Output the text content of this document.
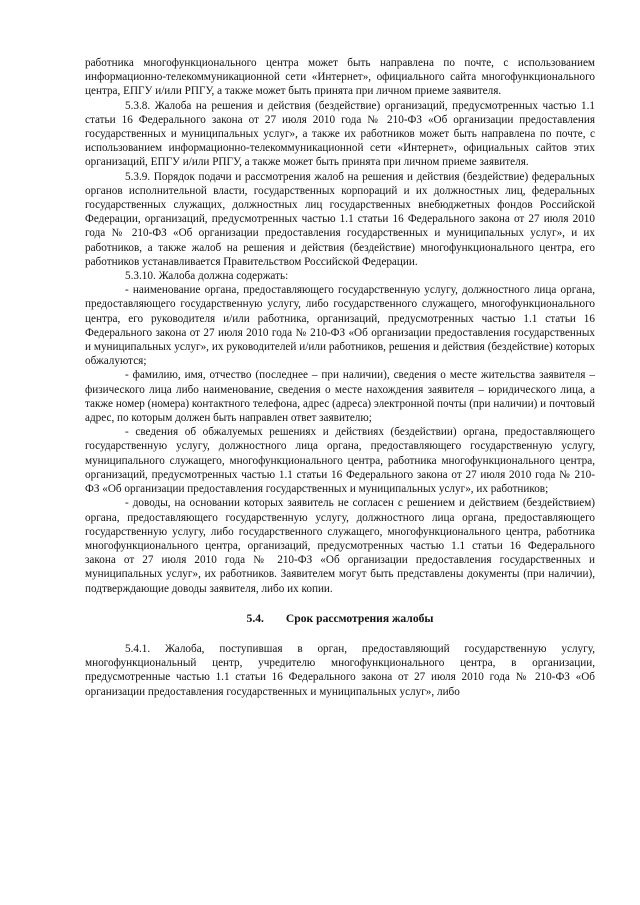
работника многофункционального центра может быть направлена по почте, с использованием информационно-телекоммуникационной сети «Интернет», официального сайта многофункционального центра, ЕПГУ и/или РПГУ, а также может быть принята при личном приеме заявителя.

5.3.8. Жалоба на решения и действия (бездействие) организаций, предусмотренных частью 1.1 статьи 16 Федерального закона от 27 июля 2010 года № 210-ФЗ «Об организации предоставления государственных и муниципальных услуг», а также их работников может быть направлена по почте, с использованием информационно-телекоммуникационной сети «Интернет», официальных сайтов этих организаций, ЕПГУ и/или РПГУ, а также может быть принята при личном приеме заявителя.

5.3.9. Порядок подачи и рассмотрения жалоб на решения и действия (бездействие) федеральных органов исполнительной власти, государственных корпораций и их должностных лиц, федеральных государственных служащих, должностных лиц государственных внебюджетных фондов Российской Федерации, организаций, предусмотренных частью 1.1 статьи 16 Федерального закона от 27 июля 2010 года № 210-ФЗ «Об организации предоставления государственных и муниципальных услуг», и их работников, а также жалоб на решения и действия (бездействие) многофункционального центра, его работников устанавливается Правительством Российской Федерации.

5.3.10. Жалоба должна содержать:

- наименование органа, предоставляющего государственную услугу, должностного лица органа, предоставляющего государственную услугу, либо государственного служащего, многофункционального центра, его руководителя и/или работника, организаций, предусмотренных частью 1.1 статьи 16 Федерального закона от 27 июля 2010 года № 210-ФЗ «Об организации предоставления государственных и муниципальных услуг», их руководителей и/или работников, решения и действия (бездействие) которых обжалуются;

- фамилию, имя, отчество (последнее – при наличии), сведения о месте жительства заявителя – физического лица либо наименование, сведения о месте нахождения заявителя – юридического лица, а также номер (номера) контактного телефона, адрес (адреса) электронной почты (при наличии) и почтовый адрес, по которым должен быть направлен ответ заявителю;

- сведения об обжалуемых решениях и действиях (бездействии) органа, предоставляющего государственную услугу, должностного лица органа, предоставляющего государственную услугу, муниципального служащего, многофункционального центра, работника многофункционального центра, организаций, предусмотренных частью 1.1 статьи 16 Федерального закона от 27 июля 2010 года № 210-ФЗ «Об организации предоставления государственных и муниципальных услуг», их работников;

- доводы, на основании которых заявитель не согласен с решением и действием (бездействием) органа, предоставляющего государственную услугу, должностного лица органа, предоставляющего государственную услугу, либо государственного служащего, многофункционального центра, работника многофункционального центра, организаций, предусмотренных частью 1.1 статьи 16 Федерального закона от 27 июля 2010 года № 210-ФЗ «Об организации предоставления государственных и муниципальных услуг», их работников. Заявителем могут быть представлены документы (при наличии), подтверждающие доводы заявителя, либо их копии.

5.4. Срок рассмотрения жалобы

5.4.1. Жалоба, поступившая в орган, предоставляющий государственную услугу, многофункциональный центр, учредителю многофункционального центра, в организации, предусмотренные частью 1.1 статьи 16 Федерального закона от 27 июля 2010 года № 210-ФЗ «Об организации предоставления государственных и муниципальных услуг», либо
